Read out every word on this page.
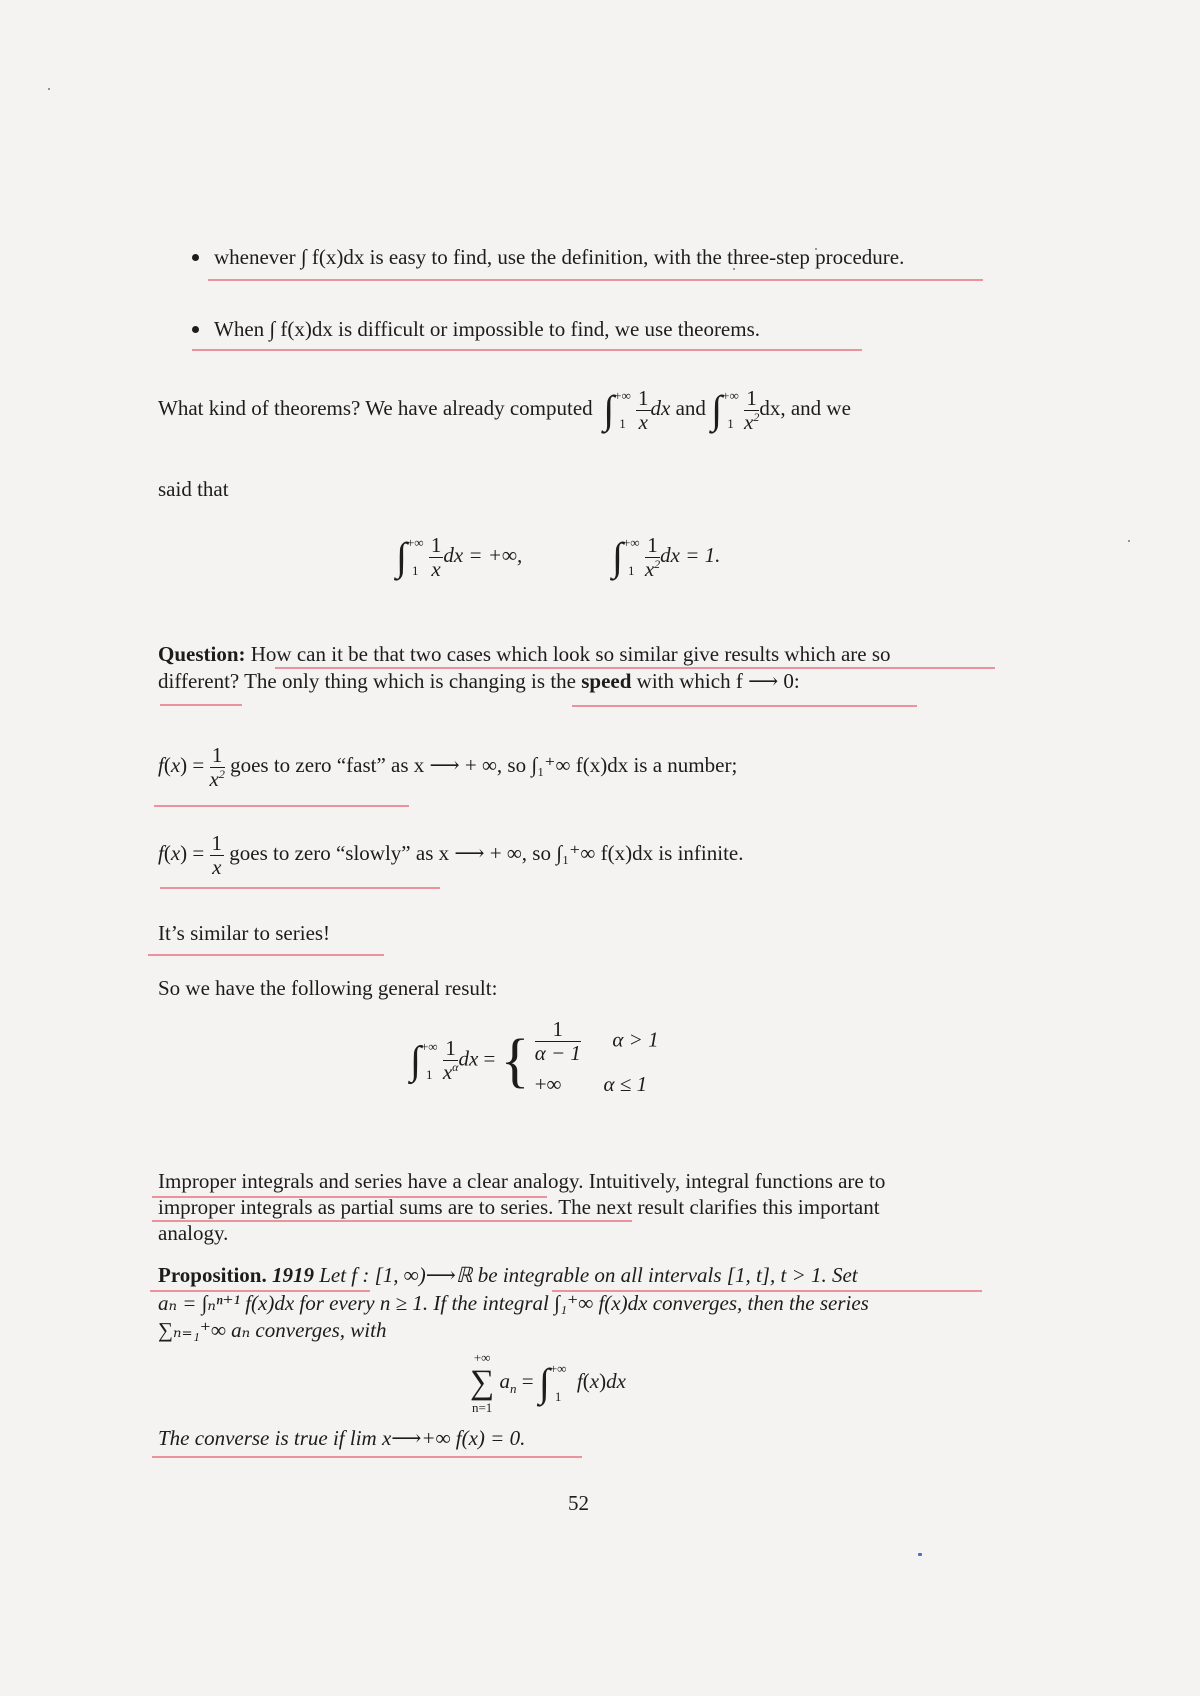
whenever ∫ f(x)dx is easy to find, use the definition, with the three-step procedure.
When ∫ f(x)dx is difficult or impossible to find, we use theorems.
What kind of theorems? We have already computed ∫ +∞
1
$\frac{1}{x}$ dx and ∫ +∞
1
$\frac{1}{x^2}$ dx, and we
said that
∫ +∞
1
$\frac{1}{x}$ dx = +∞, ∫ +∞
1
$\frac{1}{x^2}$ dx = 1.
Question: How can it be that two cases which look so similar give results which are so
different? The only thing which is changing is the speed with which f ⟶ 0:
$f(x) = \frac{1}{x^2}$ goes to zero “fast” as x ⟶ + ∞, so ∫₁⁺∞ f(x)dx is a number;
$f(x) = \frac{1}{x}$ goes to zero “slowly” as x ⟶ + ∞, so ∫₁⁺∞ f(x)dx is infinite.
It’s similar to series!
So we have the following general result:
∫ +∞
1
$\frac{1}{x^\alpha}$ dx = { $\frac{1}{\alpha - 1}$ α > 1
+∞ α ≤ 1
Improper integrals and series have a clear analogy. Intuitively, integral functions are to
improper integrals as partial sums are to series. The next result clarifies this important
analogy.
Proposition. 1919 Let f : [1, ∞)⟶ℝ be integrable on all intervals [1, t], t > 1. Set
aₙ = ∫ₙⁿ⁺¹ f(x)dx for every n ≥ 1. If the integral ∫₁⁺∞ f(x)dx converges, then the series
∑ₙ₌₁⁺∞ aₙ converges, with
+∞
∑
n=1
$a_n$ = ∫ +∞
1
f(x)dx
The converse is true if lim x⟶+∞ f(x) = 0.
52
